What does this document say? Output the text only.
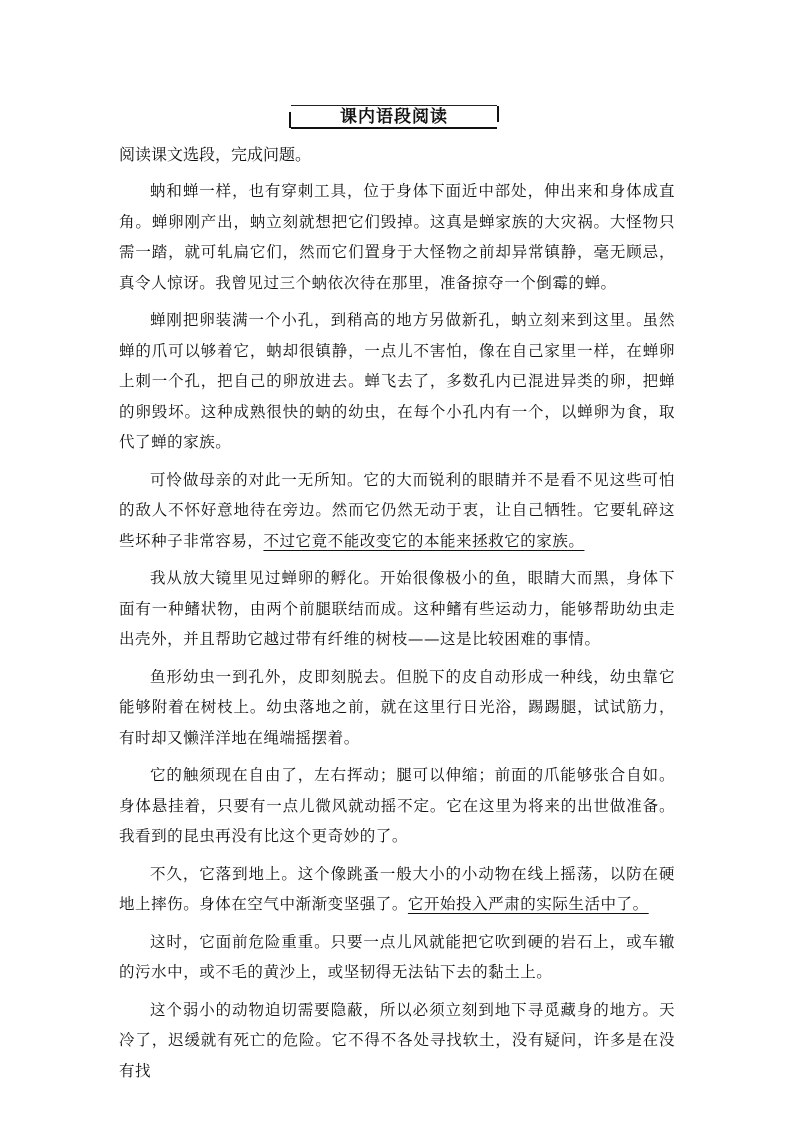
课内语段阅读
阅读课文选段，完成问题。

蚋和蝉一样，也有穿刺工具，位于身体下面近中部处，伸出来和身体成直角。蝉卵刚产出，蚋立刻就想把它们毁掉。这真是蝉家族的大灾祸。大怪物只需一踏，就可轧扁它们，然而它们置身于大怪物之前却异常镇静，毫无顾忌，真令人惊讶。我曾见过三个蚋依次待在那里，准备掠夺一个倒霉的蝉。

蝉刚把卵装满一个小孔，到稍高的地方另做新孔，蚋立刻来到这里。虽然蝉的爪可以够着它，蚋却很镇静，一点儿不害怕，像在自己家里一样，在蝉卵上刺一个孔，把自己的卵放进去。蝉飞去了，多数孔内已混进异类的卵，把蝉的卵毁坏。这种成熟很快的蚋的幼虫，在每个小孔内有一个，以蝉卵为食，取代了蝉的家族。

可怜做母亲的对此一无所知。它的大而锐利的眼睛并不是看不见这些可怕的敌人不怀好意地待在旁边。然而它仍然无动于衷，让自己牺牲。它要轧碎这些坏种子非常容易，不过它竟不能改变它的本能来拯救它的家族。

我从放大镜里见过蝉卵的孵化。开始很像极小的鱼，眼睛大而黑，身体下面有一种鳍状物，由两个前腿联结而成。这种鳍有些运动力，能够帮助幼虫走出壳外，并且帮助它越过带有纤维的树枝——这是比较困难的事情。

鱼形幼虫一到孔外，皮即刻脱去。但脱下的皮自动形成一种线，幼虫靠它能够附着在树枝上。幼虫落地之前，就在这里行日光浴，踢踢腿，试试筋力，有时却又懒洋洋地在绳端摇摆着。

它的触须现在自由了，左右挥动；腿可以伸缩；前面的爪能够张合自如。身体悬挂着，只要有一点儿微风就动摇不定。它在这里为将来的出世做准备。我看到的昆虫再没有比这个更奇妙的了。

不久，它落到地上。这个像跳蚤一般大小的小动物在线上摇荡，以防在硬地上摔伤。身体在空气中渐渐变坚强了。它开始投入严肃的实际生活中了。

这时，它面前危险重重。只要一点儿风就能把它吹到硬的岩石上，或车辙的污水中，或不毛的黄沙上，或坚韧得无法钻下去的黏土上。

这个弱小的动物迫切需要隐蔽，所以必须立刻到地下寻觅藏身的地方。天冷了，迟缓就有死亡的危险。它不得不各处寻找软土，没有疑问，许多是在没有找
